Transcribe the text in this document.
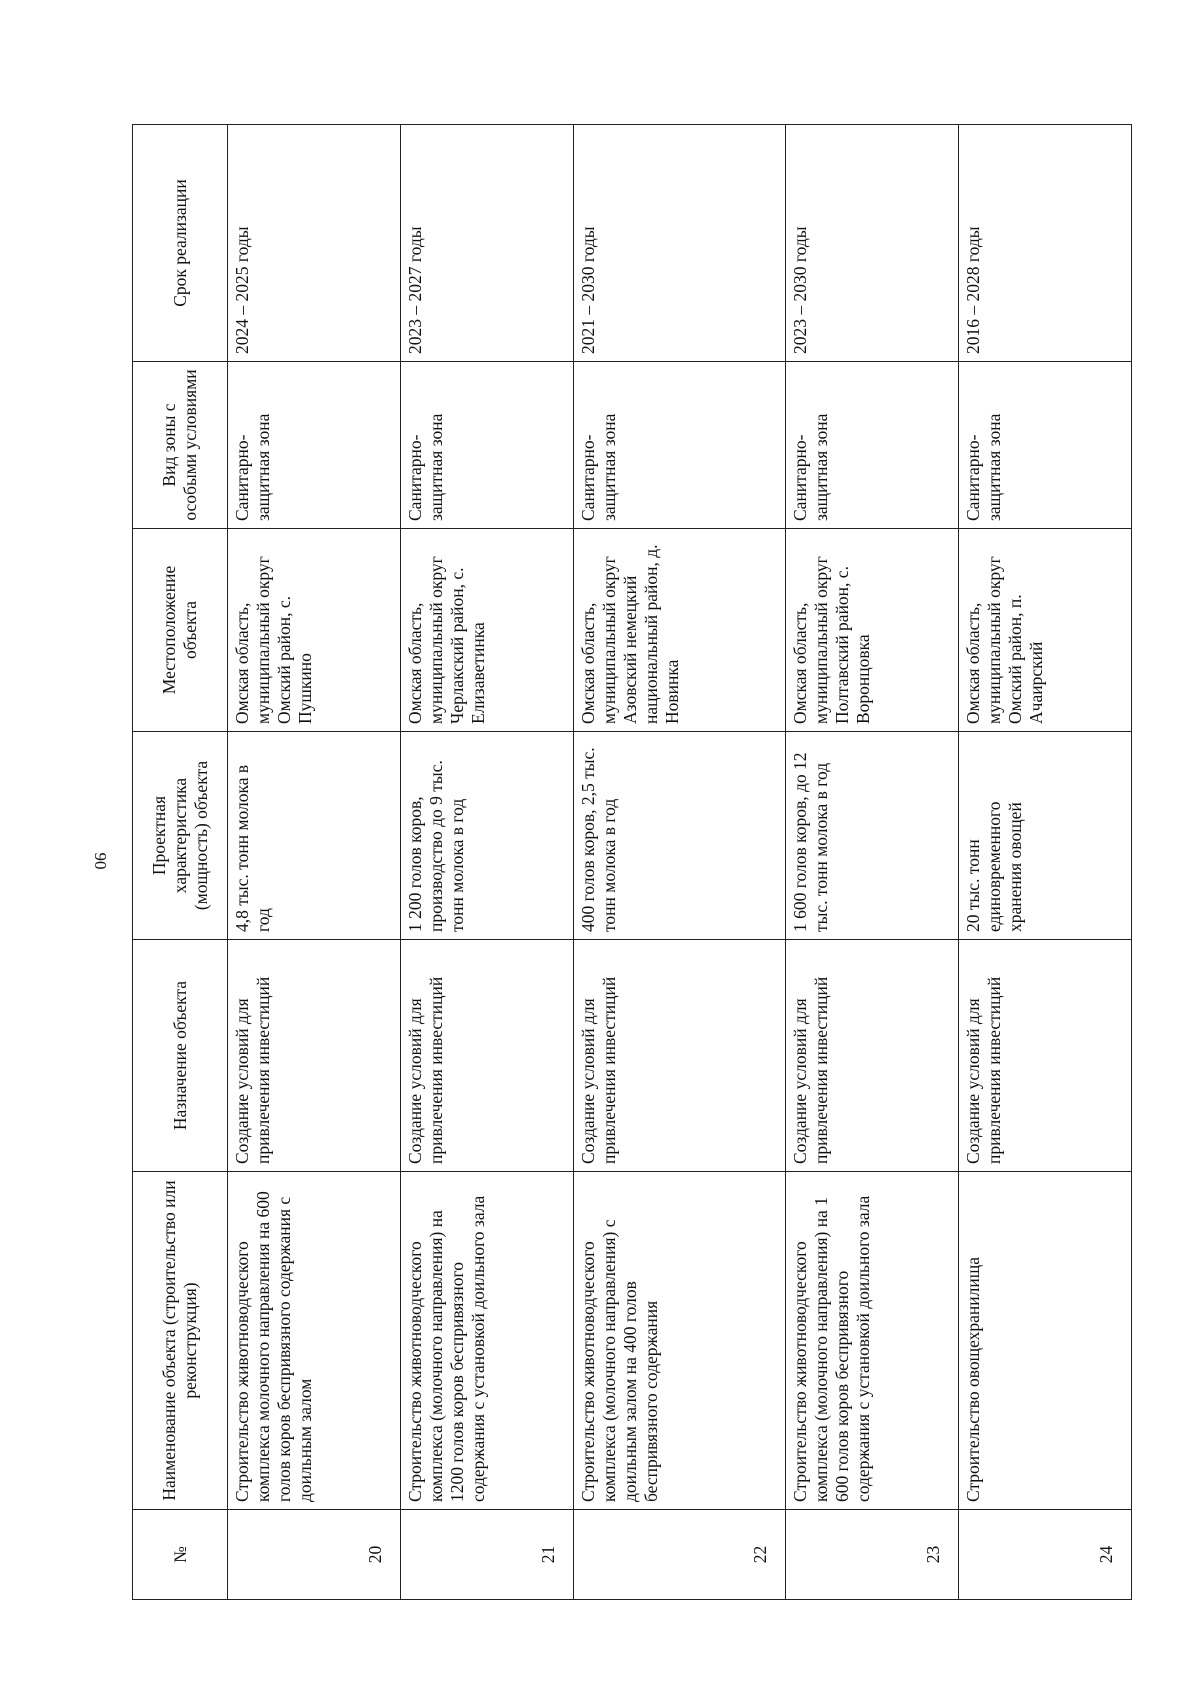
90
№	Наименование объекта (строительство или реконструкция)	Назначение объекта	Проектная характеристика (мощность) объекта	Местоположение объекта	Вид зоны с особыми условиями	Срок реализации
20	Строительство животноводческого комплекса молочного направления на 600 голов коров беспривязного содержания с доильным залом	Создание условий для привлечения инвестиций	4,8 тыс. тонн молока в год	Омская область, муниципальный округ Омский район, с. Пушкино	Санитарно-защитная зона	2024 – 2025 годы
21	Строительство животноводческого комплекса (молочного направления) на 1200 голов коров беспривязного содержания с установкой доильного зала	Создание условий для привлечения инвестиций	1 200 голов коров, производство до 9 тыс. тонн молока в год	Омская область, муниципальный округ Черлакский район, с. Елизаветинка	Санитарно-защитная зона	2023 – 2027 годы
22	Строительство животноводческого комплекса (молочного направления) с доильным залом на 400 голов беспривязного содержания	Создание условий для привлечения инвестиций	400 голов коров, 2,5 тыс. тонн молока в год	Омская область, муниципальный округ Азовский немецкий национальный район, д. Новинка	Санитарно-защитная зона	2021 – 2030 годы
23	Строительство животноводческого комплекса (молочного направления) на 1 600 голов коров беспривязного содержания с установкой доильного зала	Создание условий для привлечения инвестиций	1 600 голов коров, до 12 тыс. тонн молока в год	Омская область, муниципальный округ Полтавский район, с. Воронцовка	Санитарно-защитная зона	2023 – 2030 годы
24	Строительство овощехранилища	Создание условий для привлечения инвестиций	20 тыс. тонн единовременного хранения овощей	Омская область, муниципальный округ Омский район, п. Ачаирский	Санитарно-защитная зона	2016 – 2028 годы
